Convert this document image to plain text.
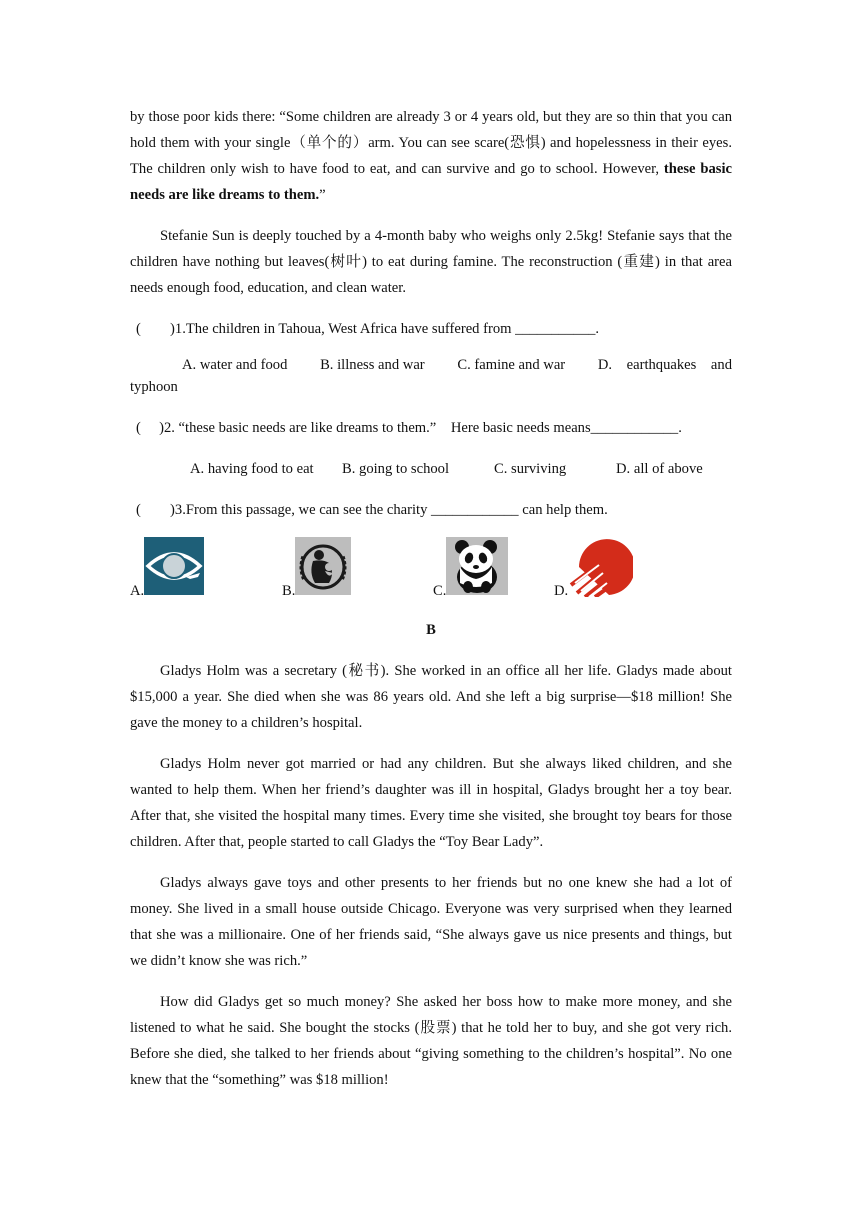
by those poor kids there: “Some children are already 3 or 4 years old, but they are so thin that you can hold them with your single（单个的）arm. You can see scare(恐惧) and hopelessness in their eyes. The children only wish to have food to eat, and can survive and go to school. However, these basic needs are like dreams to them.”

Stefanie Sun is deeply touched by a 4-month baby who weighs only 2.5kg! Stefanie says that the children have nothing but leaves(树叶) to eat during famine. The reconstruction (重建) in that area needs enough food, education, and clean water.

(  )1.The children in Tahoua, West Africa have suffered from ___________.

A. water and food B. illness and war C. famine and war D. earthquakes and

typhoon

(  )2. “these basic needs are like dreams to them.” Here basic needs means____________.

A. having food to eat	B. going to school	C. surviving	D. all of above

(  )3.From this passage, we can see the charity ____________ can help them.

A.	B.	C.	D.

B

Gladys Holm was a secretary (秘书). She worked in an office all her life. Gladys made about $15,000 a year. She died when she was 86 years old. And she left a big surprise—$18 million! She gave the money to a children’s hospital.

Gladys Holm never got married or had any children. But she always liked children, and she wanted to help them. When her friend’s daughter was ill in hospital, Gladys brought her a toy bear. After that, she visited the hospital many times. Every time she visited, she brought toy bears for those children. After that, people started to call Gladys the “Toy Bear Lady”.

Gladys always gave toys and other presents to her friends but no one knew she had a lot of money. She lived in a small house outside Chicago. Everyone was very surprised when they learned that she was a millionaire. One of her friends said, “She always gave us nice presents and things, but we didn’t know she was rich.”

How did Gladys get so much money? She asked her boss how to make more money, and she listened to what he said. She bought the stocks (股票) that he told her to buy, and she got very rich. Before she died, she talked to her friends about “giving something to the children’s hospital”. No one knew that the “something” was $18 million!
